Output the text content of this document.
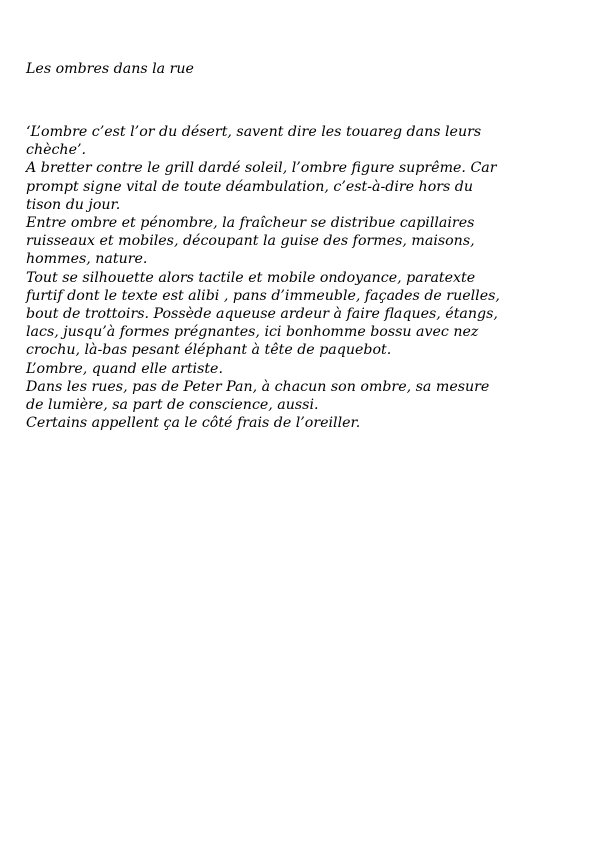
Les ombres dans la rue
‘L’ombre c’est l’or du désert, savent dire les touareg dans leurs
chèche’.
A bretter contre le grill dardé soleil, l’ombre figure suprême. Car
prompt signe vital de toute déambulation, c’est-à-dire hors du
tison du jour.
Entre ombre et pénombre, la fraîcheur se distribue capillaires
ruisseaux et mobiles, découpant la guise des formes, maisons,
hommes, nature.
Tout se silhouette alors tactile et mobile ondoyance, paratexte
furtif dont le texte est alibi , pans d’immeuble, façades de ruelles,
bout de trottoirs. Possède aqueuse ardeur à faire flaques, étangs,
lacs, jusqu’à formes prégnantes, ici bonhomme bossu avec nez
crochu, là-bas pesant éléphant à tête de paquebot.
L’ombre, quand elle artiste.
Dans les rues, pas de Peter Pan, à chacun son ombre, sa mesure
de lumière, sa part de conscience, aussi.
Certains appellent ça le côté frais de l’oreiller.
